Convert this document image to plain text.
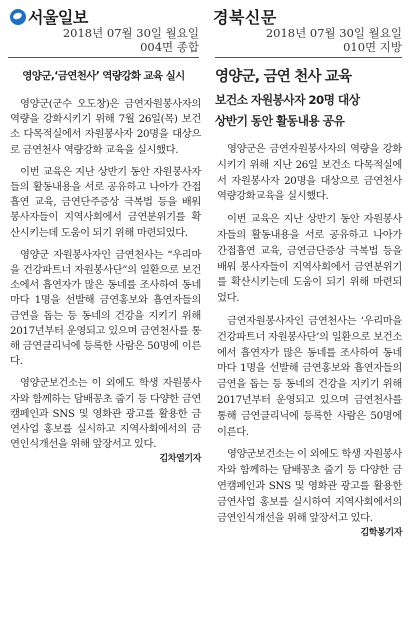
서울일보
2018년 07월 30일 월요일
004면 종합
영양군,‘금연천사’ 역량강화 교육 실시

영양군(군수 오도창)은 금연자원봉사자의 역량을 강화시키기 위해 7월 26일(목) 보건소 다목적실에서 자원봉사자 20명을 대상으로 금연천사 역량강화 교육을 실시했다.

이번 교육은 지난 상반기 동안 자원봉사자들의 활동내용을 서로 공유하고 나아가 간접흡연 교육, 금연단주증상 극복법 등을 배워 봉사자들이 지역사회에서 금연분위기를 확산시키는데 도움이 되기 위해 마련되었다.

영양군 자원봉사자인 금연천사는 “우리마을 건강파트너 자원봉사단”의 일환으로 보건소에서 흡연자가 많은 동네를 조사하여 동네마다 1명을 선발해 금연홍보와 흡연자들의 금연을 돕는 등 동네의 건강을 지키기 위해 2017년부터 운영되고 있으며 금연천사를 통해 금연클리닉에 등록한 사람은 50명에 이른다.

영양군보건소는 이 외에도 학생 자원봉사자와 함께하는 담배꽁초 줍기 등 다양한 금연캠페인과 SNS 및 영화관 광고를 활용한 금연사업 홍보를 실시하고 지역사회에서의 금연인식개선을 위해 앞장서고 있다.
김차열기자

경북신문
2018년 07월 30일 월요일
010면 지방
영양군, 금연 천사 교육
보건소 자원봉사자 20명 대상
상반기 동안 활동내용 공유

영양군은 금연자원봉사자의 역량을 강화시키기 위해 지난 26일 보건소 다목적실에서 자원봉사자 20명을 대상으로 금연천사 역량강화교육을 실시했다.

이번 교육은 지난 상반기 동안 자원봉사자들의 활동내용을 서로 공유하고 나아가 간접흡연 교육, 금연금단증상 극복법 등을 배워 봉사자들이 지역사회에서 금연분위기를 확산시키는데 도움이 되기 위해 마련되었다.

금연자원봉사자인 금연천사는 ‘우리마을 건강파트너 자원봉사단’의 일환으로 보건소에서 흡연자가 많은 동네를 조사하여 동네마다 1명을 선발해 금연홍보와 흡연자들의 금연을 돕는 등 동네의 건강을 지키기 위해 2017년부터 운영되고 있으며 금연천사를 통해 금연클리닉에 등록한 사람은 50명에 이른다.

영양군보건소는 이 외에도 학생 자원봉사자와 함께하는 담배꽁초 줍기 등 다양한 금연캠페인과 SNS 및 영화관 광고를 활용한 금연사업 홍보를 실시하여 지역사회에서의 금연인식개선을 위해 앞장서고 있다.
김학봉기자
